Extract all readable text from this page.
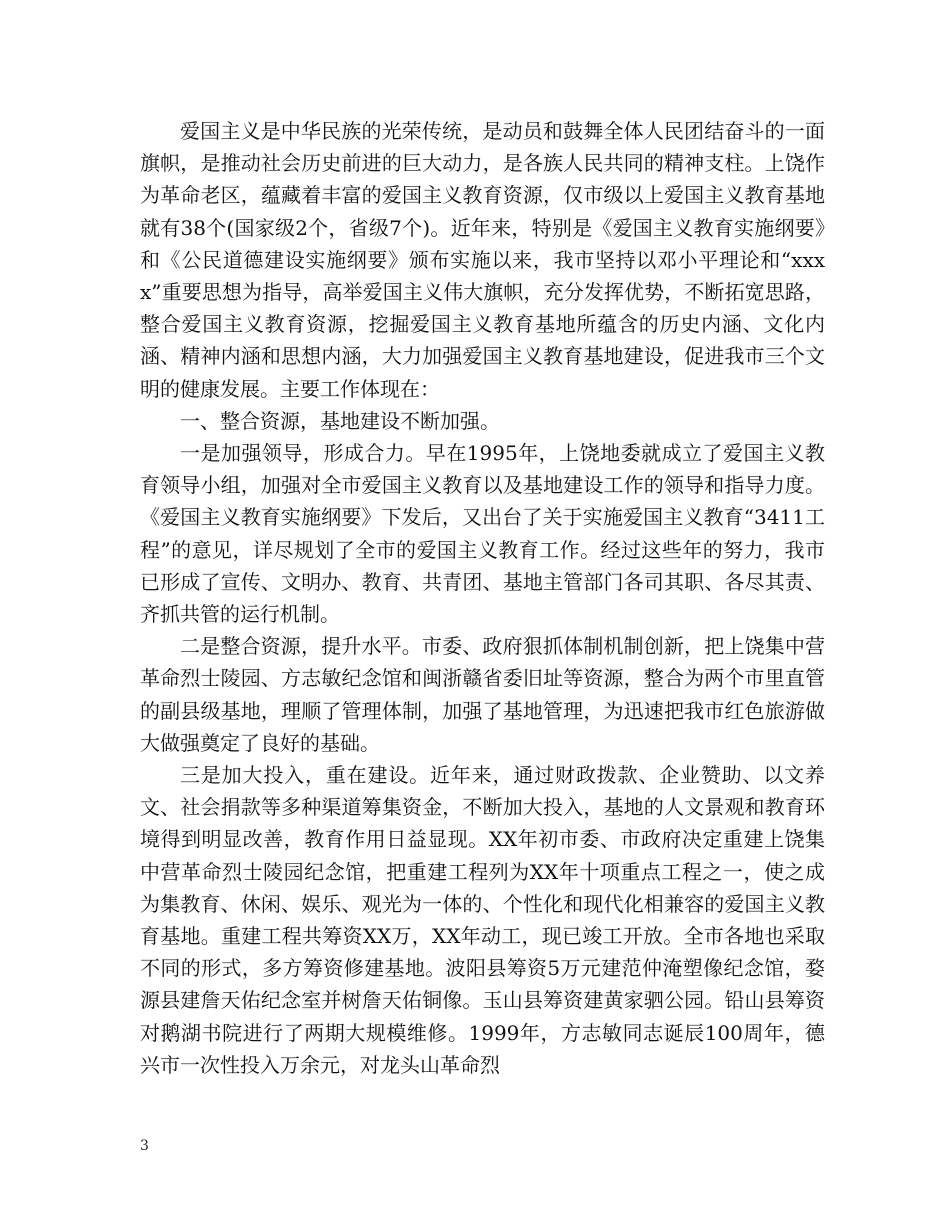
爱国主义是中华民族的光荣传统，是动员和鼓舞全体人民团结奋斗的一面旗帜，是推动社会历史前进的巨大动力，是各族人民共同的精神支柱。上饶作为革命老区，蕴藏着丰富的爱国主义教育资源，仅市级以上爱国主义教育基地就有38个(国家级2个，省级7个)。近年来，特别是《爱国主义教育实施纲要》和《公民道德建设实施纲要》颁布实施以来，我市坚持以邓小平理论和“xxxx”重要思想为指导，高举爱国主义伟大旗帜，充分发挥优势，不断拓宽思路，整合爱国主义教育资源，挖掘爱国主义教育基地所蕴含的历史内涵、文化内涵、精神内涵和思想内涵，大力加强爱国主义教育基地建设，促进我市三个文明的健康发展。主要工作体现在：

一、整合资源，基地建设不断加强。

一是加强领导，形成合力。早在1995年，上饶地委就成立了爱国主义教育领导小组，加强对全市爱国主义教育以及基地建设工作的领导和指导力度。《爱国主义教育实施纲要》下发后，又出台了关于实施爱国主义教育“3411工程”的意见，详尽规划了全市的爱国主义教育工作。经过这些年的努力，我市已形成了宣传、文明办、教育、共青团、基地主管部门各司其职、各尽其责、齐抓共管的运行机制。

二是整合资源，提升水平。市委、政府狠抓体制机制创新，把上饶集中营革命烈士陵园、方志敏纪念馆和闽浙赣省委旧址等资源，整合为两个市里直管的副县级基地，理顺了管理体制，加强了基地管理，为迅速把我市红色旅游做大做强奠定了良好的基础。

三是加大投入，重在建设。近年来，通过财政拨款、企业赞助、以文养文、社会捐款等多种渠道筹集资金，不断加大投入，基地的人文景观和教育环境得到明显改善，教育作用日益显现。XX年初市委、市政府决定重建上饶集中营革命烈士陵园纪念馆，把重建工程列为XX年十项重点工程之一，使之成为集教育、休闲、娱乐、观光为一体的、个性化和现代化相兼容的爱国主义教育基地。重建工程共筹资XX万，XX年动工，现已竣工开放。全市各地也采取不同的形式，多方筹资修建基地。波阳县筹资5万元建范仲淹塑像纪念馆，婺源县建詹天佑纪念室并树詹天佑铜像。玉山县筹资建黄家驷公园。铅山县筹资对鹅湖书院进行了两期大规模维修。1999年，方志敏同志诞辰100周年，德兴市一次性投入万余元，对龙头山革命烈

3
